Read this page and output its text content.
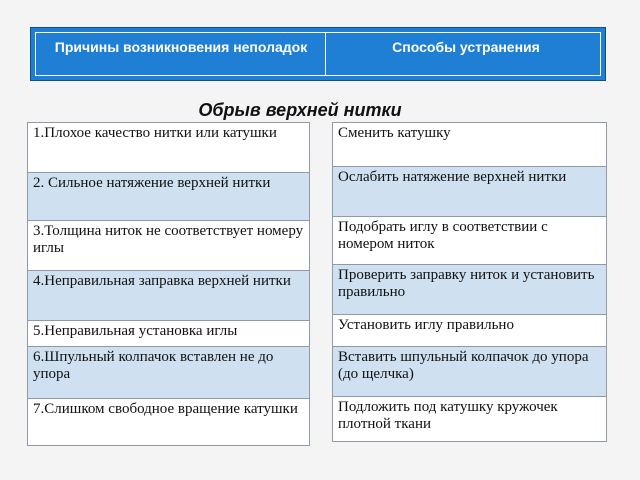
Причины возникновения неполадок	Способы устранения
Обрыв верхней нитки
1.Плохое качество нитки или катушки
2. Сильное натяжение верхней нитки
3.Толщина ниток не соответствует номеру иглы
4.Неправильная заправка верхней нитки
5.Неправильная установка иглы
6.Шпульный колпачок вставлен не до упора
7.Слишком свободное вращение катушки
Сменить катушку
Ослабить натяжение верхней нитки
Подобрать иглу в соответствии с номером ниток
Проверить заправку ниток и установить правильно
Установить иглу правильно
Вставить шпульный колпачок до упора (до щелчка)
Подложить под катушку кружочек плотной ткани
